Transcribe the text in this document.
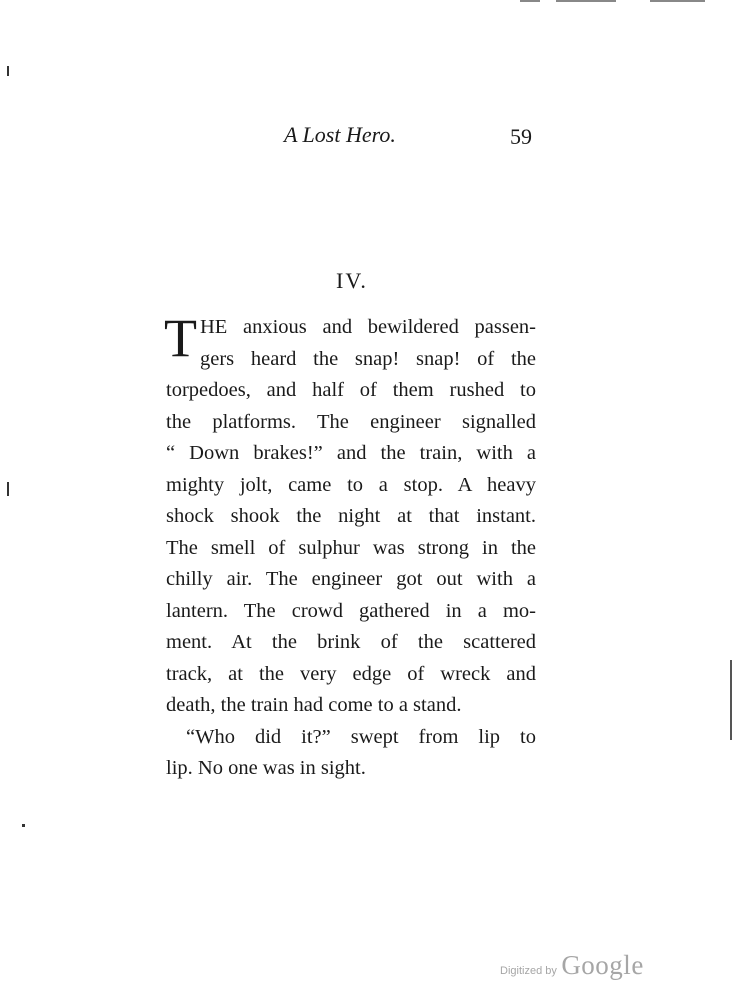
A Lost Hero.	59
IV.
T HE anxious and bewildered passen-
gers heard the snap! snap! of the
torpedoes, and half of them rushed to
the platforms. The engineer signalled
“ Down brakes!” and the train, with a
mighty jolt, came to a stop. A heavy
shock shook the night at that instant.
The smell of sulphur was strong in the
chilly air. The engineer got out with a
lantern. The crowd gathered in a mo-
ment. At the brink of the scattered
track, at the very edge of wreck and
death, the train had come to a stand.
“Who did it?” swept from lip to
lip. No one was in sight.
Digitized by Google
